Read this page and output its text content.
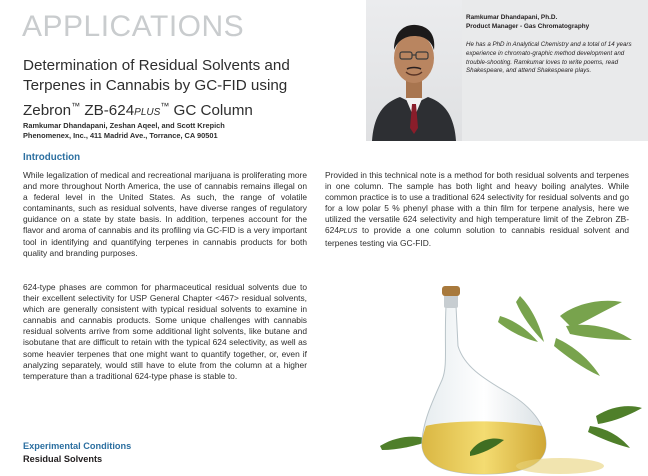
APPLICATIONS
Determination of Residual Solvents and
Terpenes in Cannabis by GC-FID using
Zebron™ ZB-624PLUS™ GC Column
Ramkumar Dhandapani, Zeshan Aqeel, and Scott Krepich
Phenomenex, Inc., 411 Madrid Ave., Torrance, CA 90501
Introduction
While legalization of medical and recreational marijuana is proliferating more and more throughout North America, the use of cannabis remains illegal on a federal level in the United States. As such, the range of volatile contaminants, such as residual solvents, have diverse ranges of regulatory guidance on a state by state basis. In addition, terpenes account for the flavor and aroma of cannabis and its profiling via GC-FID is a very important tool in identifying and quantifying terpenes in cannabis products for both quality and branding purposes.
624-type phases are common for pharmaceutical residual solvents due to their excellent selectivity for USP General Chapter <467> residual solvents, which are generally consistent with typical residual solvents to examine in cannabis and cannabis products. Some unique challenges with cannabis residual solvents arrive from some additional light solvents, like butane and isobutane that are difficult to retain with the typical 624 selectivity, as well as some heavier terpenes that one might want to quantify together, or, even if analyzing separately, would still have to elute from the column at a higher temperature than a traditional 624-type phase is stable to.
Provided in this technical note is a method for both residual solvents and terpenes in one column. The sample has both light and heavy boiling analytes. While common practice is to use a traditional 624 selectivity for residual solvents and go for a low polar 5 % phenyl phase with a thin film for terpene analysis, here we utilized the versatile 624 selectivity and high temperature limit of the Zebron ZB-624PLUS to provide a one column solution to cannabis residual solvent and terpenes testing via GC-FID.
Experimental Conditions
Residual Solvents
Ramkumar Dhandapani, Ph.D.
Product Manager - Gas Chromatography
He has a PhD in Analytical Chemistry and a total of 14 years experience in chromato-graphic method development and trouble-shooting. Ramkumar loves to write poems, read Shakespeare, and attend Shakespeare plays.
